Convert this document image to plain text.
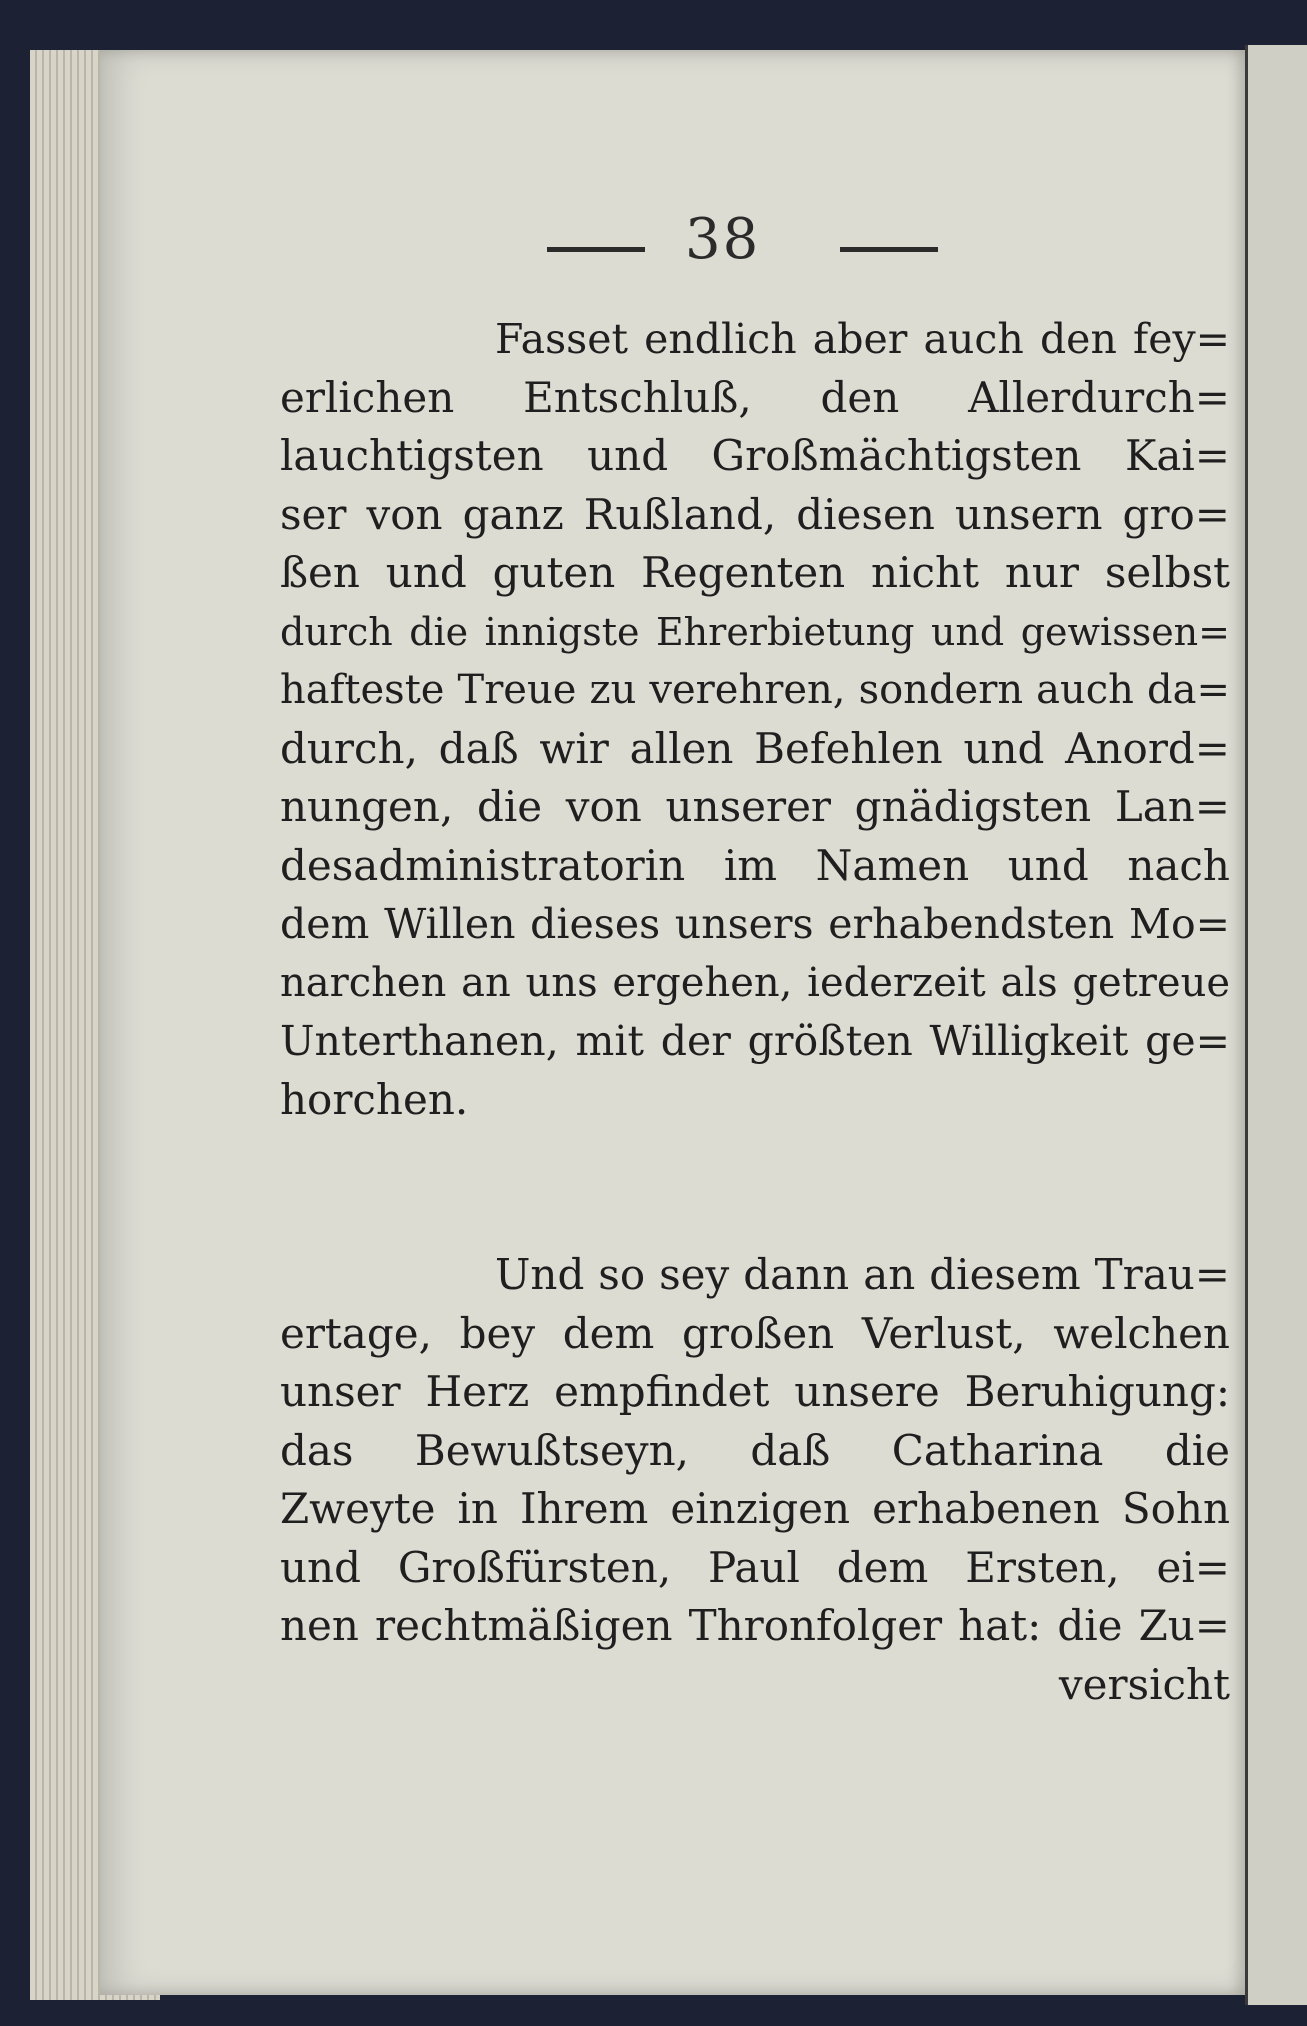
38
Fasset endlich aber auch den fey=
erlichen Entschluß, den Allerdurch=
lauchtigsten und Großmächtigsten Kai=
ser von ganz Rußland, diesen unsern gro=
ßen und guten Regenten nicht nur selbst
durch die innigste Ehrerbietung und gewissen=
hafteste Treue zu verehren, sondern auch da=
durch, daß wir allen Befehlen und Anord=
nungen, die von unserer gnädigsten Lan=
desadministratorin im Namen und nach
dem Willen dieses unsers erhabendsten Mo=
narchen an uns ergehen, iederzeit als getreue
Unterthanen, mit der größten Willigkeit ge=
horchen.
Und so sey dann an diesem Trau=
ertage, bey dem großen Verlust, welchen
unser Herz empfindet unsere Beruhigung:
das Bewußtseyn, daß Catharina die
Zweyte in Ihrem einzigen erhabenen Sohn
und Großfürsten, Paul dem Ersten, ei=
nen rechtmäßigen Thronfolger hat: die Zu=
versicht
